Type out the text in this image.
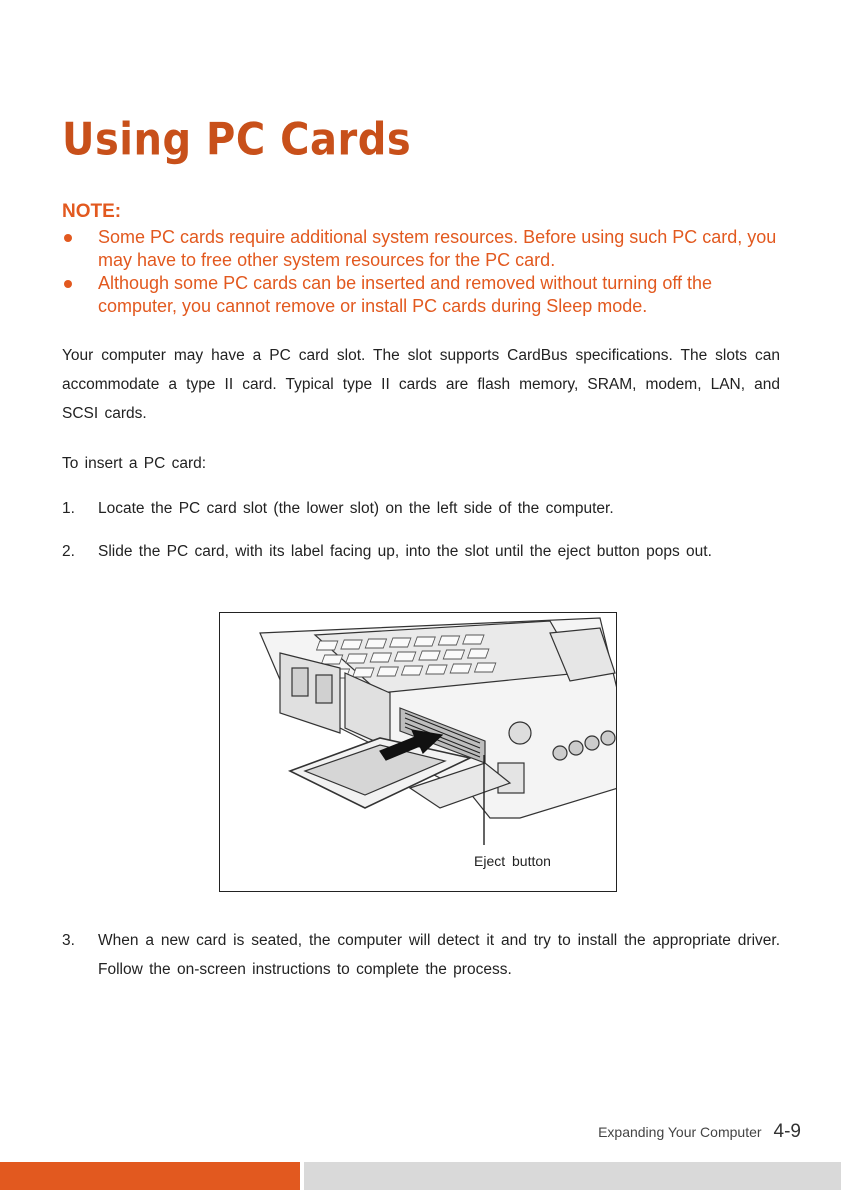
Using PC Cards
NOTE:
Some PC cards require additional system resources. Before using such PC card, you may have to free other system resources for the PC card.
Although some PC cards can be inserted and removed without turning off the computer, you cannot remove or install PC cards during Sleep mode.

Your computer may have a PC card slot. The slot supports CardBus specifications. The slots can accommodate a type II card. Typical type II cards are flash memory, SRAM, modem, LAN, and SCSI cards.

To insert a PC card:

1. Locate the PC card slot (the lower slot) on the left side of the computer.
2. Slide the PC card, with its label facing up, into the slot until the eject button pops out.
Eject button
3. When a new card is seated, the computer will detect it and try to install the appropriate driver. Follow the on-screen instructions to complete the process.
Expanding Your Computer 4-9
